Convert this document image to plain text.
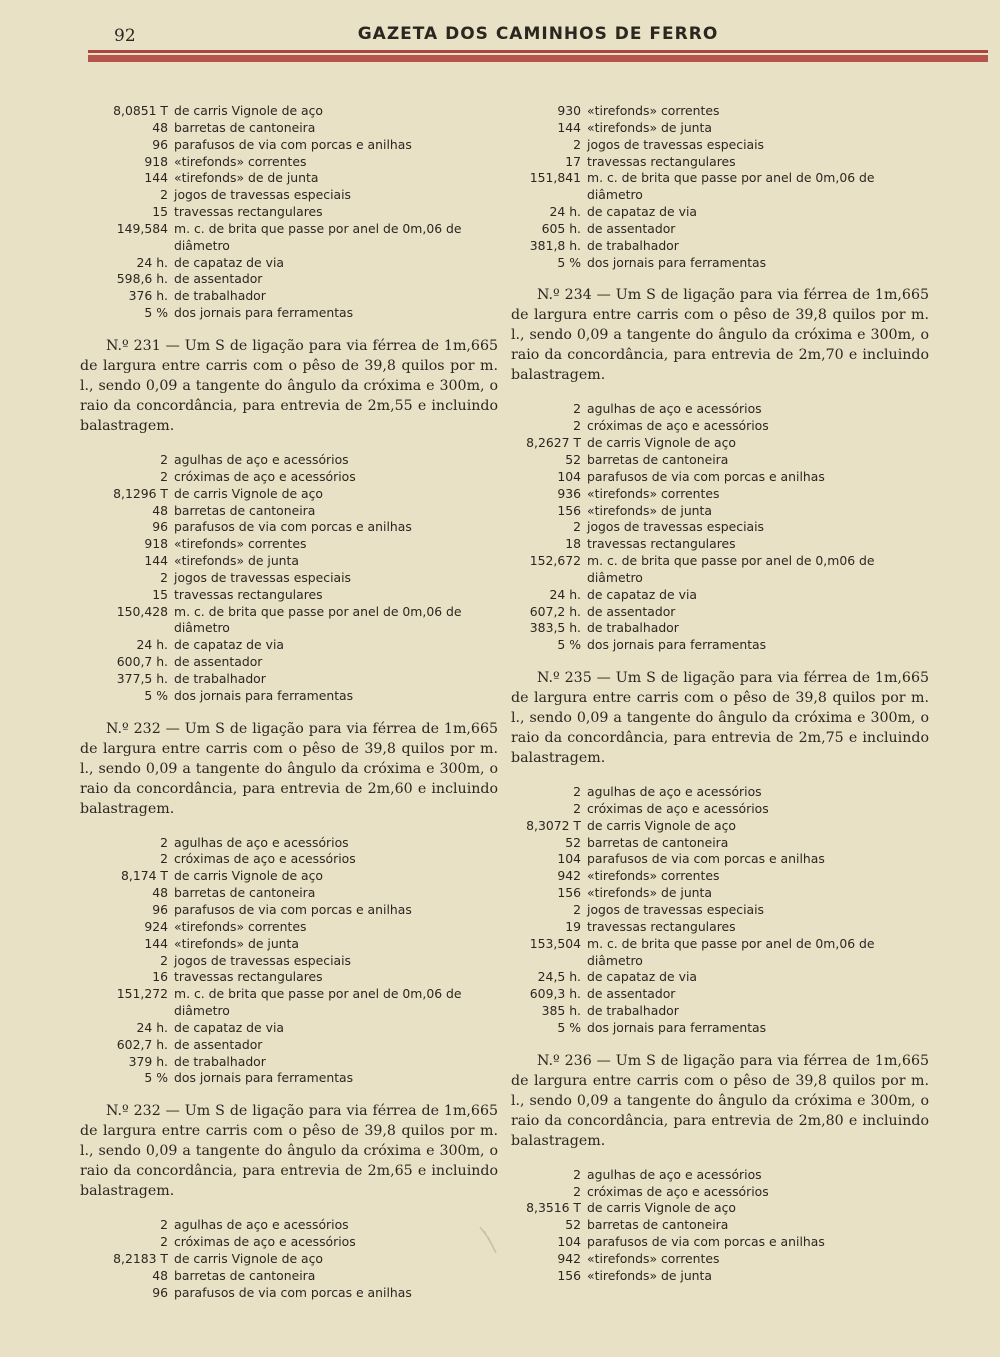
92	GAZETA DOS CAMINHOS DE FERRO
8,0851 T de carris Vignole de aço
48 barretas de cantoneira
96 parafusos de via com porcas e anilhas
918 «tirefonds» correntes
144 «tirefonds» de de junta
2 jogos de travessas especiais
15 travessas rectangulares
149,584 m. c. de brita que passe por anel de 0m,06 de
diâmetro
24 h. de capataz de via
598,6 h. de assentador
376 h. de trabalhador
5 % dos jornais para ferramentas

N.º 231 — Um S de ligação para via férrea de 1m,665 de largura entre carris com o pêso de 39,8 quilos por m. l., sendo 0,09 a tangente do ângulo da cróxima e 300m, o raio da concordância, para entrevia de 2m,55 e incluindo balastragem.

2 agulhas de aço e acessórios
2 cróximas de aço e acessórios
8,1296 T de carris Vignole de aço
48 barretas de cantoneira
96 parafusos de via com porcas e anilhas
918 «tirefonds» correntes
144 «tirefonds» de junta
2 jogos de travessas especiais
15 travessas rectangulares
150,428 m. c. de brita que passe por anel de 0m,06 de
diâmetro
24 h. de capataz de via
600,7 h. de assentador
377,5 h. de trabalhador
5 % dos jornais para ferramentas

N.º 232 — Um S de ligação para via férrea de 1m,665 de largura entre carris com o pêso de 39,8 quilos por m. l., sendo 0,09 a tangente do ângulo da cróxima e 300m, o raio da concordância, para entrevia de 2m,60 e incluindo balastragem.

2 agulhas de aço e acessórios
2 cróximas de aço e acessórios
8,174 T de carris Vignole de aço
48 barretas de cantoneira
96 parafusos de via com porcas e anilhas
924 «tirefonds» correntes
144 «tirefonds» de junta
2 jogos de travessas especiais
16 travessas rectangulares
151,272 m. c. de brita que passe por anel de 0m,06 de
diâmetro
24 h. de capataz de via
602,7 h. de assentador
379 h. de trabalhador
5 % dos jornais para ferramentas

N.º 232 — Um S de ligação para via férrea de 1m,665 de largura entre carris com o pêso de 39,8 quilos por m. l., sendo 0,09 a tangente do ângulo da cróxima e 300m, o raio da concordância, para entrevia de 2m,65 e incluindo balastragem.

2 agulhas de aço e acessórios
2 cróximas de aço e acessórios
8,2183 T de carris Vignole de aço
48 barretas de cantoneira
96 parafusos de via com porcas e anilhas
930 «tirefonds» correntes
144 «tirefonds» de junta
2 jogos de travessas especiais
17 travessas rectangulares
151,841 m. c. de brita que passe por anel de 0m,06 de
diâmetro
24 h. de capataz de via
605 h. de assentador
381,8 h. de trabalhador
5 % dos jornais para ferramentas

N.º 234 — Um S de ligação para via férrea de 1m,665 de largura entre carris com o pêso de 39,8 quilos por m. l., sendo 0,09 a tangente do ângulo da cróxima e 300m, o raio da concordância, para entrevia de 2m,70 e incluindo balastragem.

2 agulhas de aço e acessórios
2 cróximas de aço e acessórios
8,2627 T de carris Vignole de aço
52 barretas de cantoneira
104 parafusos de via com porcas e anilhas
936 «tirefonds» correntes
156 «tirefonds» de junta
2 jogos de travessas especiais
18 travessas rectangulares
152,672 m. c. de brita que passe por anel de 0,m06 de
diâmetro
24 h. de capataz de via
607,2 h. de assentador
383,5 h. de trabalhador
5 % dos jornais para ferramentas

N.º 235 — Um S de ligação para via férrea de 1m,665 de largura entre carris com o pêso de 39,8 quilos por m. l., sendo 0,09 a tangente do ângulo da cróxima e 300m, o raio da concordância, para entrevia de 2m,75 e incluindo balastragem.

2 agulhas de aço e acessórios
2 cróximas de aço e acessórios
8,3072 T de carris Vignole de aço
52 barretas de cantoneira
104 parafusos de via com porcas e anilhas
942 «tirefonds» correntes
156 «tirefonds» de junta
2 jogos de travessas especiais
19 travessas rectangulares
153,504 m. c. de brita que passe por anel de 0m,06 de
diâmetro
24,5 h. de capataz de via
609,3 h. de assentador
385 h. de trabalhador
5 % dos jornais para ferramentas

N.º 236 — Um S de ligação para via férrea de 1m,665 de largura entre carris com o pêso de 39,8 quilos por m. l., sendo 0,09 a tangente do ângulo da cróxima e 300m, o raio da concordância, para entrevia de 2m,80 e incluindo balastragem.

2 agulhas de aço e acessórios
2 cróximas de aço e acessórios
8,3516 T de carris Vignole de aço
52 barretas de cantoneira
104 parafusos de via com porcas e anilhas
942 «tirefonds» correntes
156 «tirefonds» de junta
